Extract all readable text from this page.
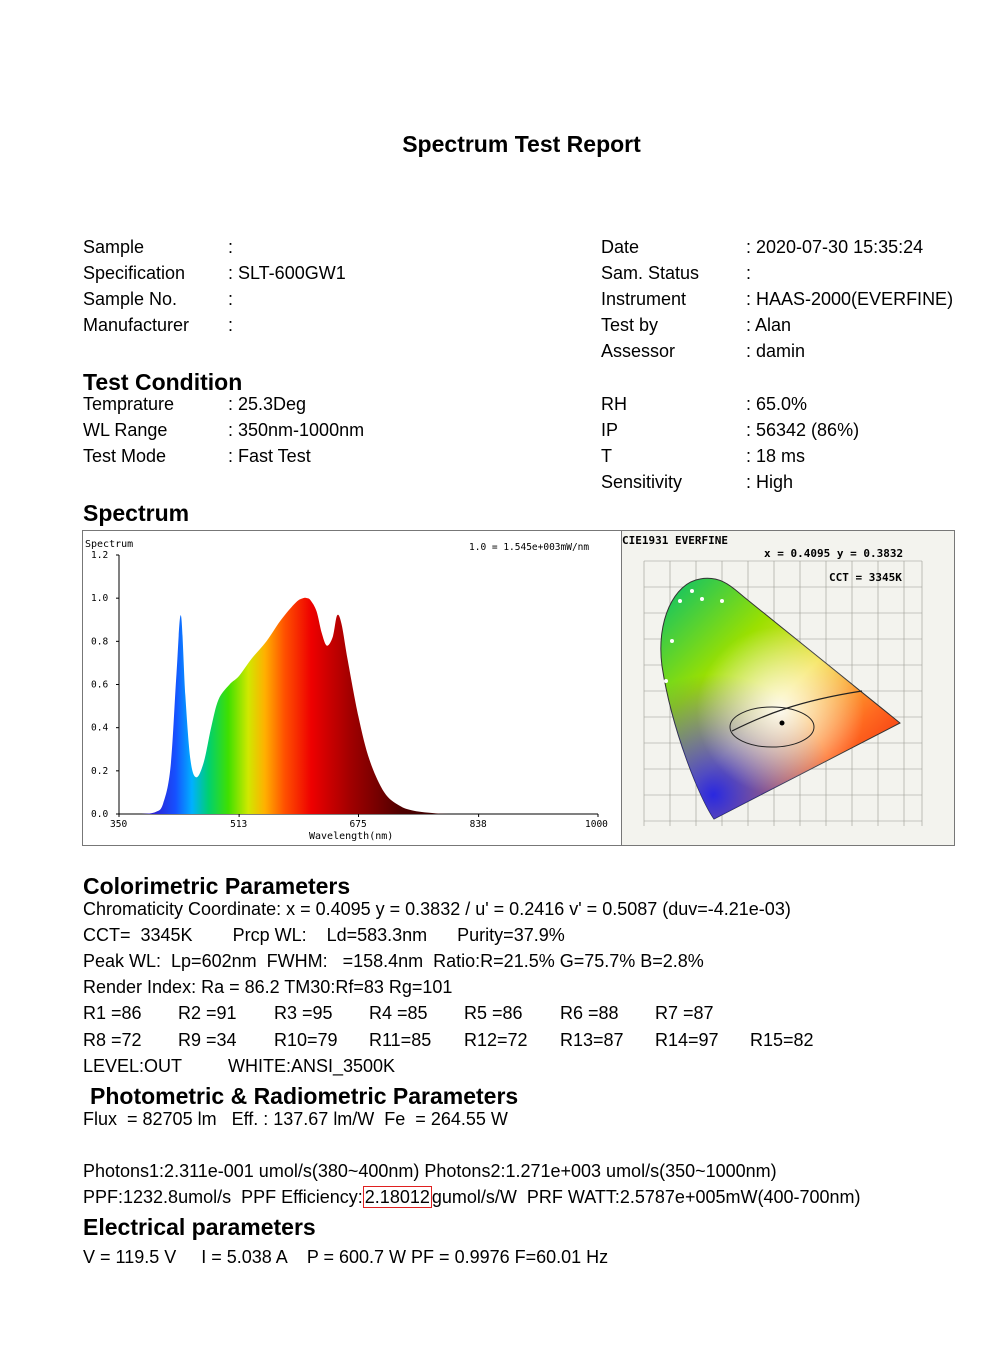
Spectrum Test Report
Sample	:
Specification : SLT-600GW1
Sample No.	:
Manufacturer :
Date	: 2020-07-30 15:35:24
Sam. Status	:
Instrument	: HAAS-2000(EVERFINE)
Test by	: Alan
Assessor	: damin
Test Condition
Temprature	: 25.3Deg
WL Range	: 350nm-1000nm
Test Mode	: Fast Test
RH	: 65.0%
IP	: 56342 (86%)
T	: 18 ms
Sensitivity	: High
Spectrum
0.0
0.2
0.4
0.6
0.8
1.0
1.2
350	513	675	838	1000
Spectrum	1.0 = 1.545e+003mW/nm
Wavelength(nm)
CIE1931 EVERFINE
x = 0.4095 y = 0.3832
CCT = 3345K
Colorimetric Parameters
Chromaticity Coordinate: x = 0.4095 y = 0.3832 / u' = 0.2416 v' = 0.5087 (duv=-4.21e-03)
CCT=  3345K        Prcp WL:    Ld=583.3nm      Purity=37.9%
Peak WL:  Lp=602nm  FWHM:   =158.4nm  Ratio:R=21.5% G=75.7% B=2.8%
Render Index: Ra = 86.2 TM30:Rf=83 Rg=101
R1 =86 R2 =91 R3 =95 R4 =85 R5 =86 R6 =88 R7 =87
R8 =72 R9 =34 R10=79 R11=85 R12=72 R13=87 R14=97 R15=82
LEVEL:OUT	WHITE:ANSI_3500K
Photometric & Radiometric Parameters
Flux  = 82705 lm   Eff. : 137.67 lm/W  Fe  = 264.55 W
Photons1:2.311e-001 umol/s(380~400nm) Photons2:1.271e+003 umol/s(350~1000nm)
PPF:1232.8umol/s  PPF Efficiency: 2.18012 gumol/s/W  PRF WATT:2.5787e+005mW(400-700nm)
Electrical parameters
V = 119.5 V     I = 5.038 A    P = 600.7 W PF = 0.9976 F=60.01 Hz
